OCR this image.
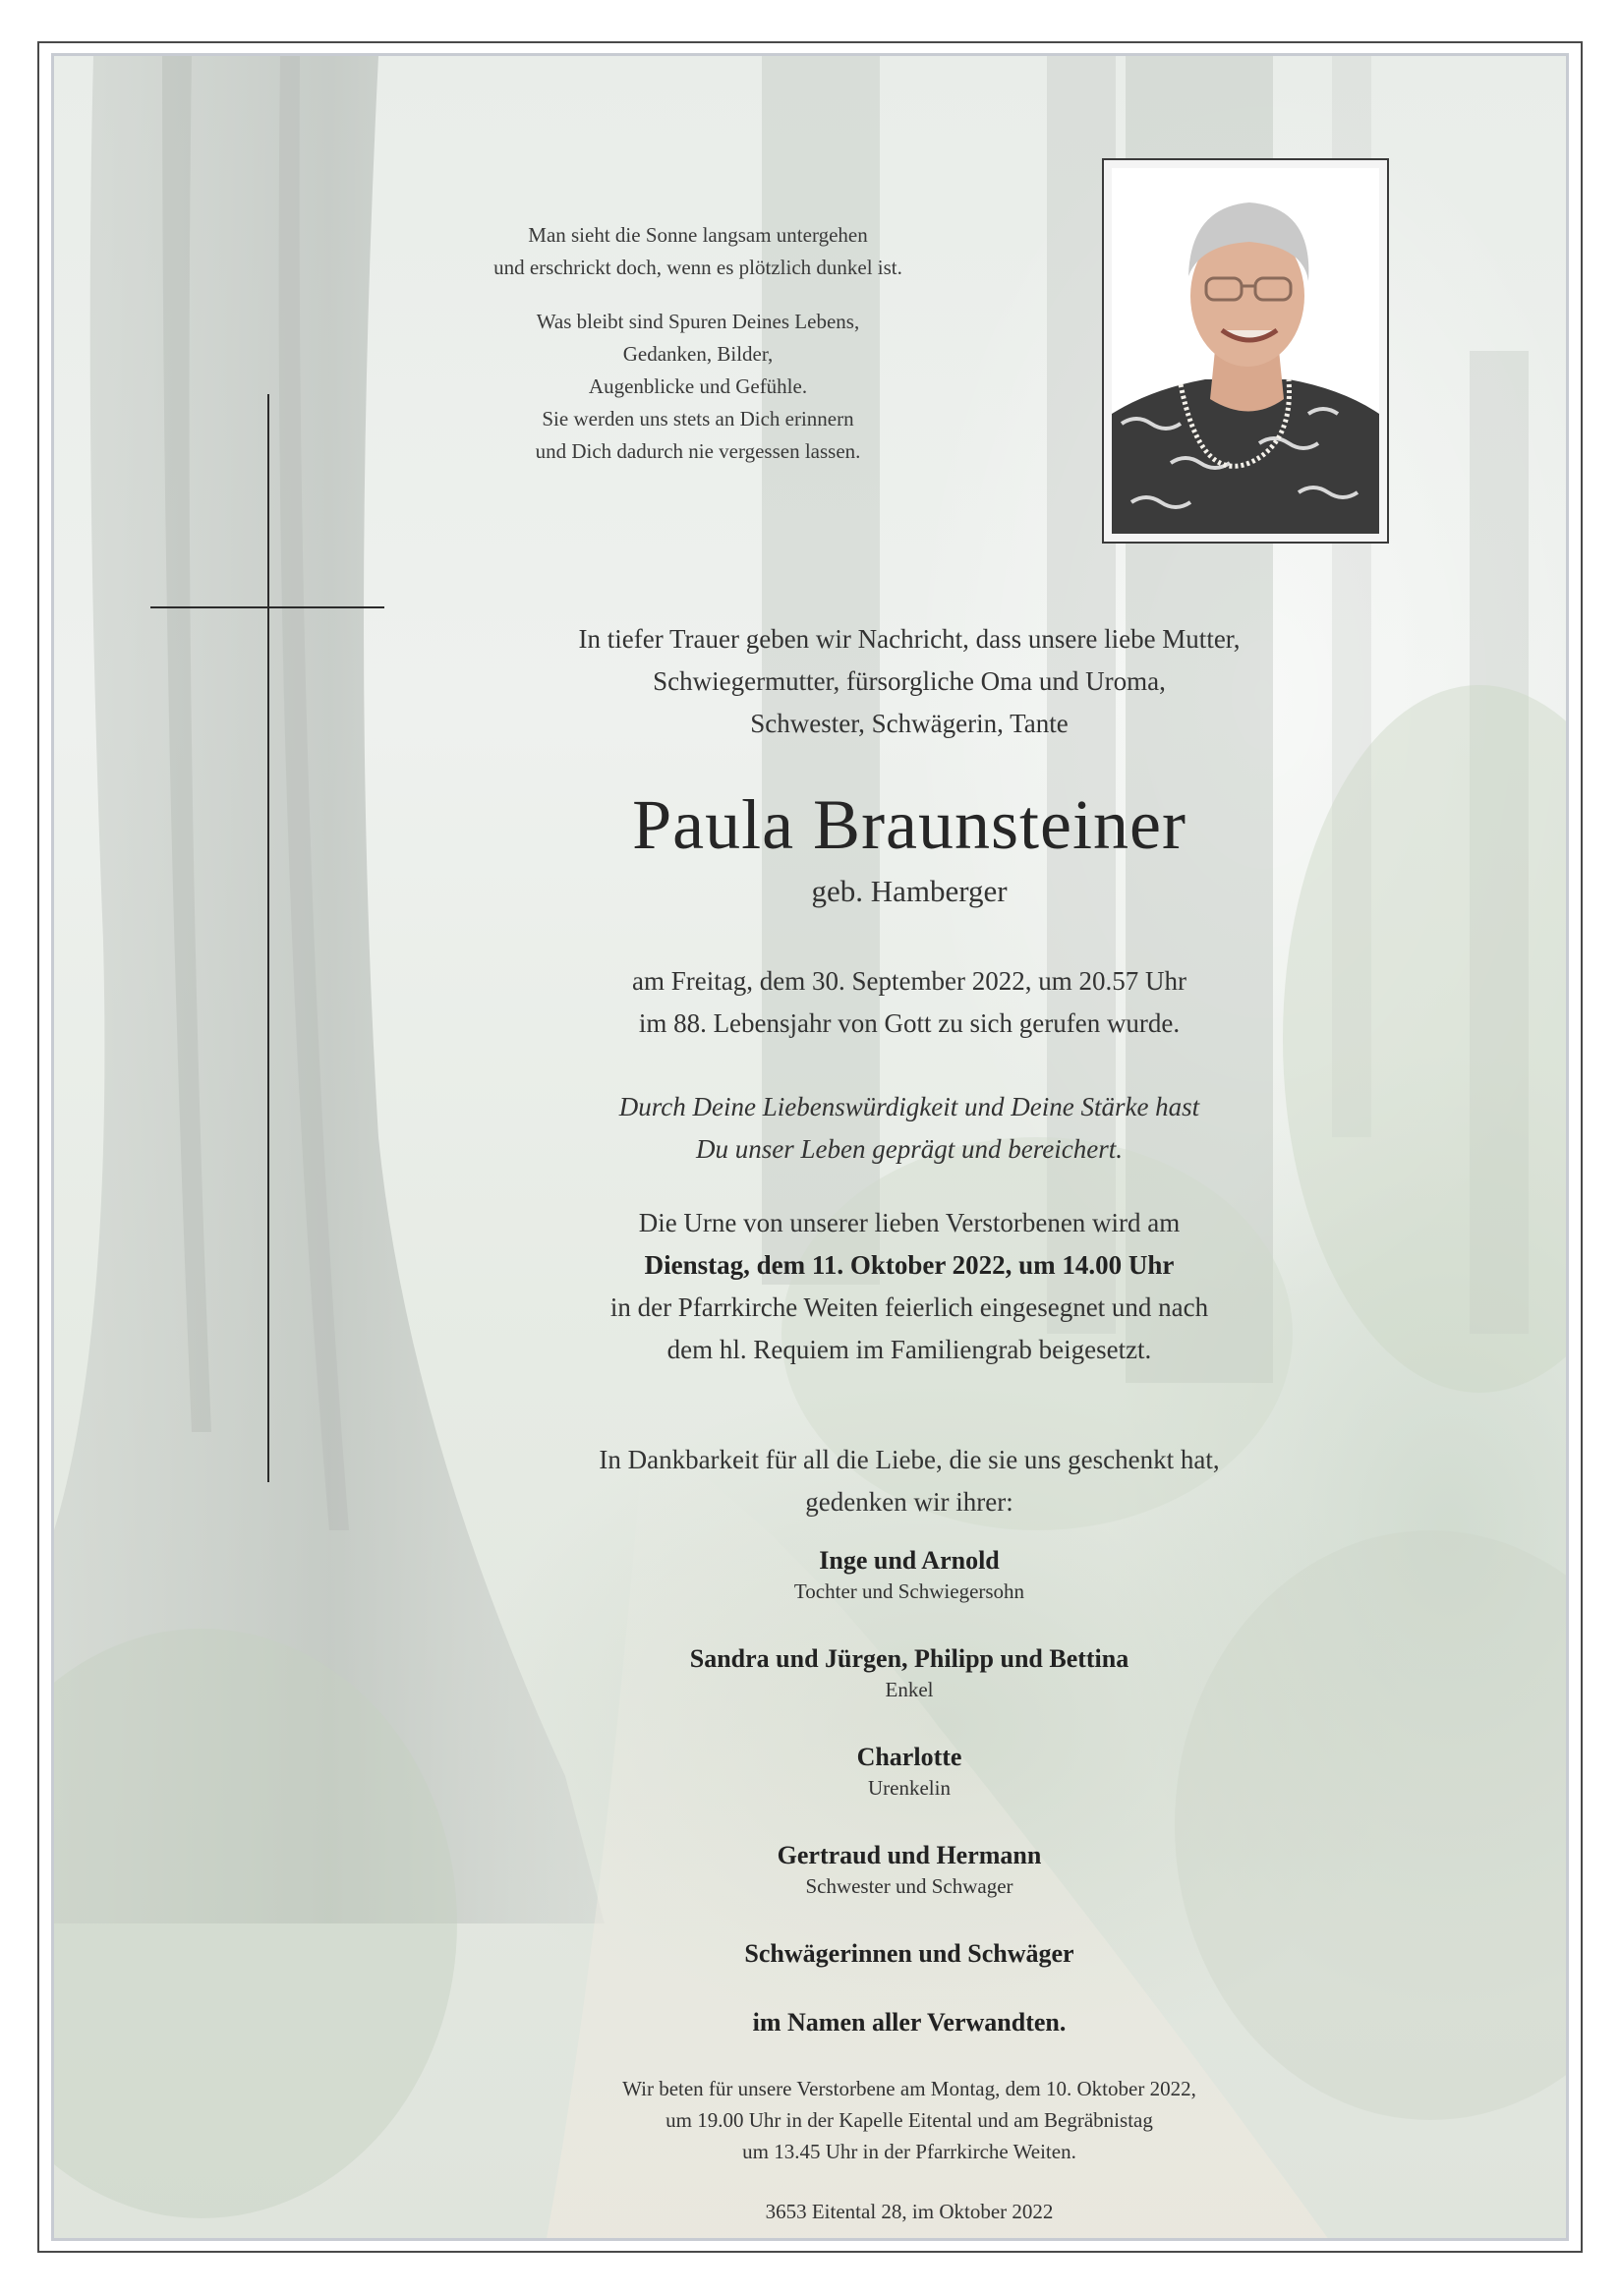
Man sieht die Sonne langsam untergehen

und erschrickt doch, wenn es plötzlich dunkel ist.

Was bleibt sind Spuren Deines Lebens,

Gedanken, Bilder,

Augenblicke und Gefühle.

Sie werden uns stets an Dich erinnern

und Dich dadurch nie vergessen lassen.

In tiefer Trauer geben wir Nachricht, dass unsere liebe Mutter,

Schwiegermutter, fürsorgliche Oma und Uroma,

Schwester, Schwägerin, Tante

Paula Braunsteiner
geb. Hamberger

am Freitag, dem 30. September 2022, um 20.57 Uhr

im 88. Lebensjahr von Gott zu sich gerufen wurde.

Durch Deine Liebenswürdigkeit und Deine Stärke hast

Du unser Leben geprägt und bereichert.

Die Urne von unserer lieben Verstorbenen wird am

Dienstag, dem 11. Oktober 2022, um 14.00 Uhr

in der Pfarrkirche Weiten feierlich eingesegnet und nach

dem hl. Requiem im Familiengrab beigesetzt.

In Dankbarkeit für all die Liebe, die sie uns geschenkt hat,

gedenken wir ihrer:

Inge und Arnold

Tochter und Schwiegersohn

Sandra und Jürgen, Philipp und Bettina

Enkel

Charlotte

Urenkelin

Gertraud und Hermann

Schwester und Schwager

Schwägerinnen und Schwäger

im Namen aller Verwandten.

Wir beten für unsere Verstorbene am Montag, dem 10. Oktober 2022,

um 19.00 Uhr in der Kapelle Eitental und am Begräbnistag

um 13.45 Uhr in der Pfarrkirche Weiten.

3653 Eitental 28, im Oktober 2022
